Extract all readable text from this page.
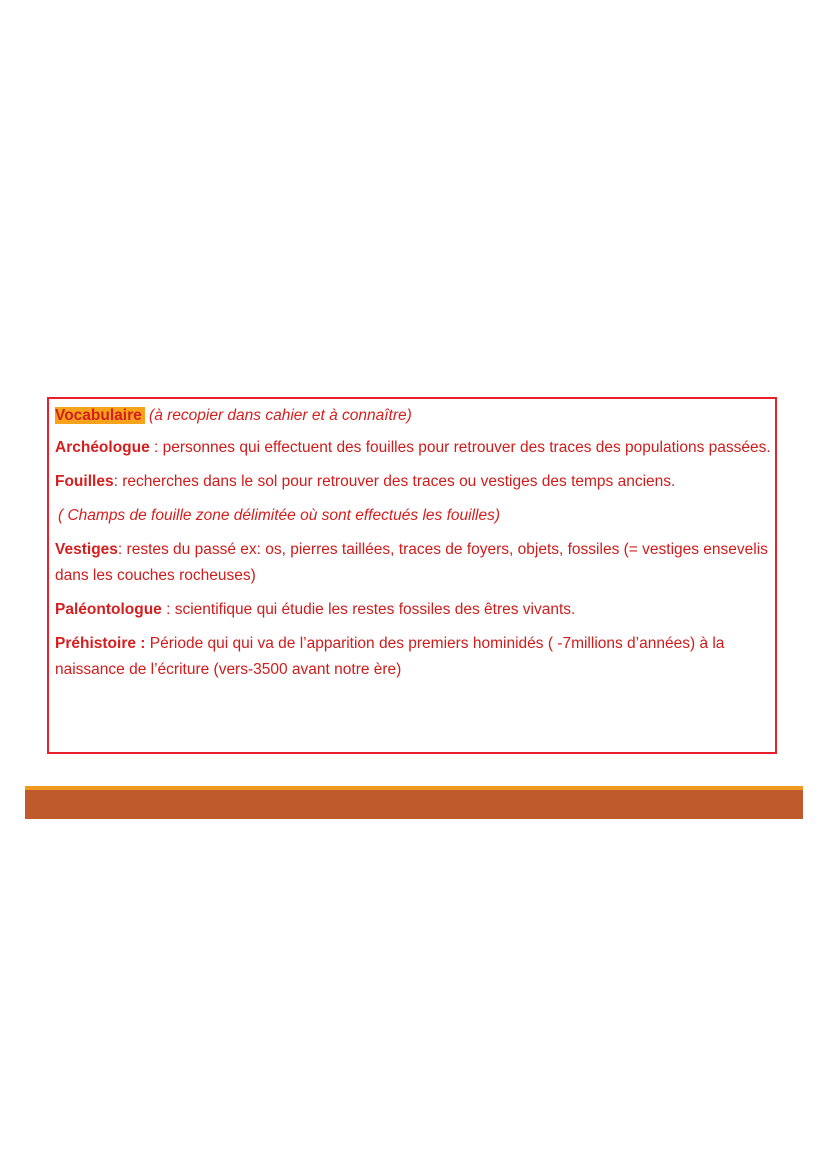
Vocabulaire (à recopier dans cahier et à connaître)

Archéologue : personnes qui effectuent des fouilles pour retrouver des traces des populations passées.

Fouilles: recherches dans le sol pour retrouver des traces ou vestiges des temps anciens.

( Champs de fouille zone délimitée où sont effectués les fouilles)

Vestiges: restes du passé ex: os, pierres taillées, traces de foyers, objets, fossiles (= vestiges ensevelis dans les couches rocheuses)

Paléontologue : scientifique qui étudie les restes fossiles des êtres vivants.

Préhistoire : Période qui qui va de l’apparition des premiers hominidés ( -7millions d’années) à la naissance de l’écriture (vers-3500 avant notre ère)
